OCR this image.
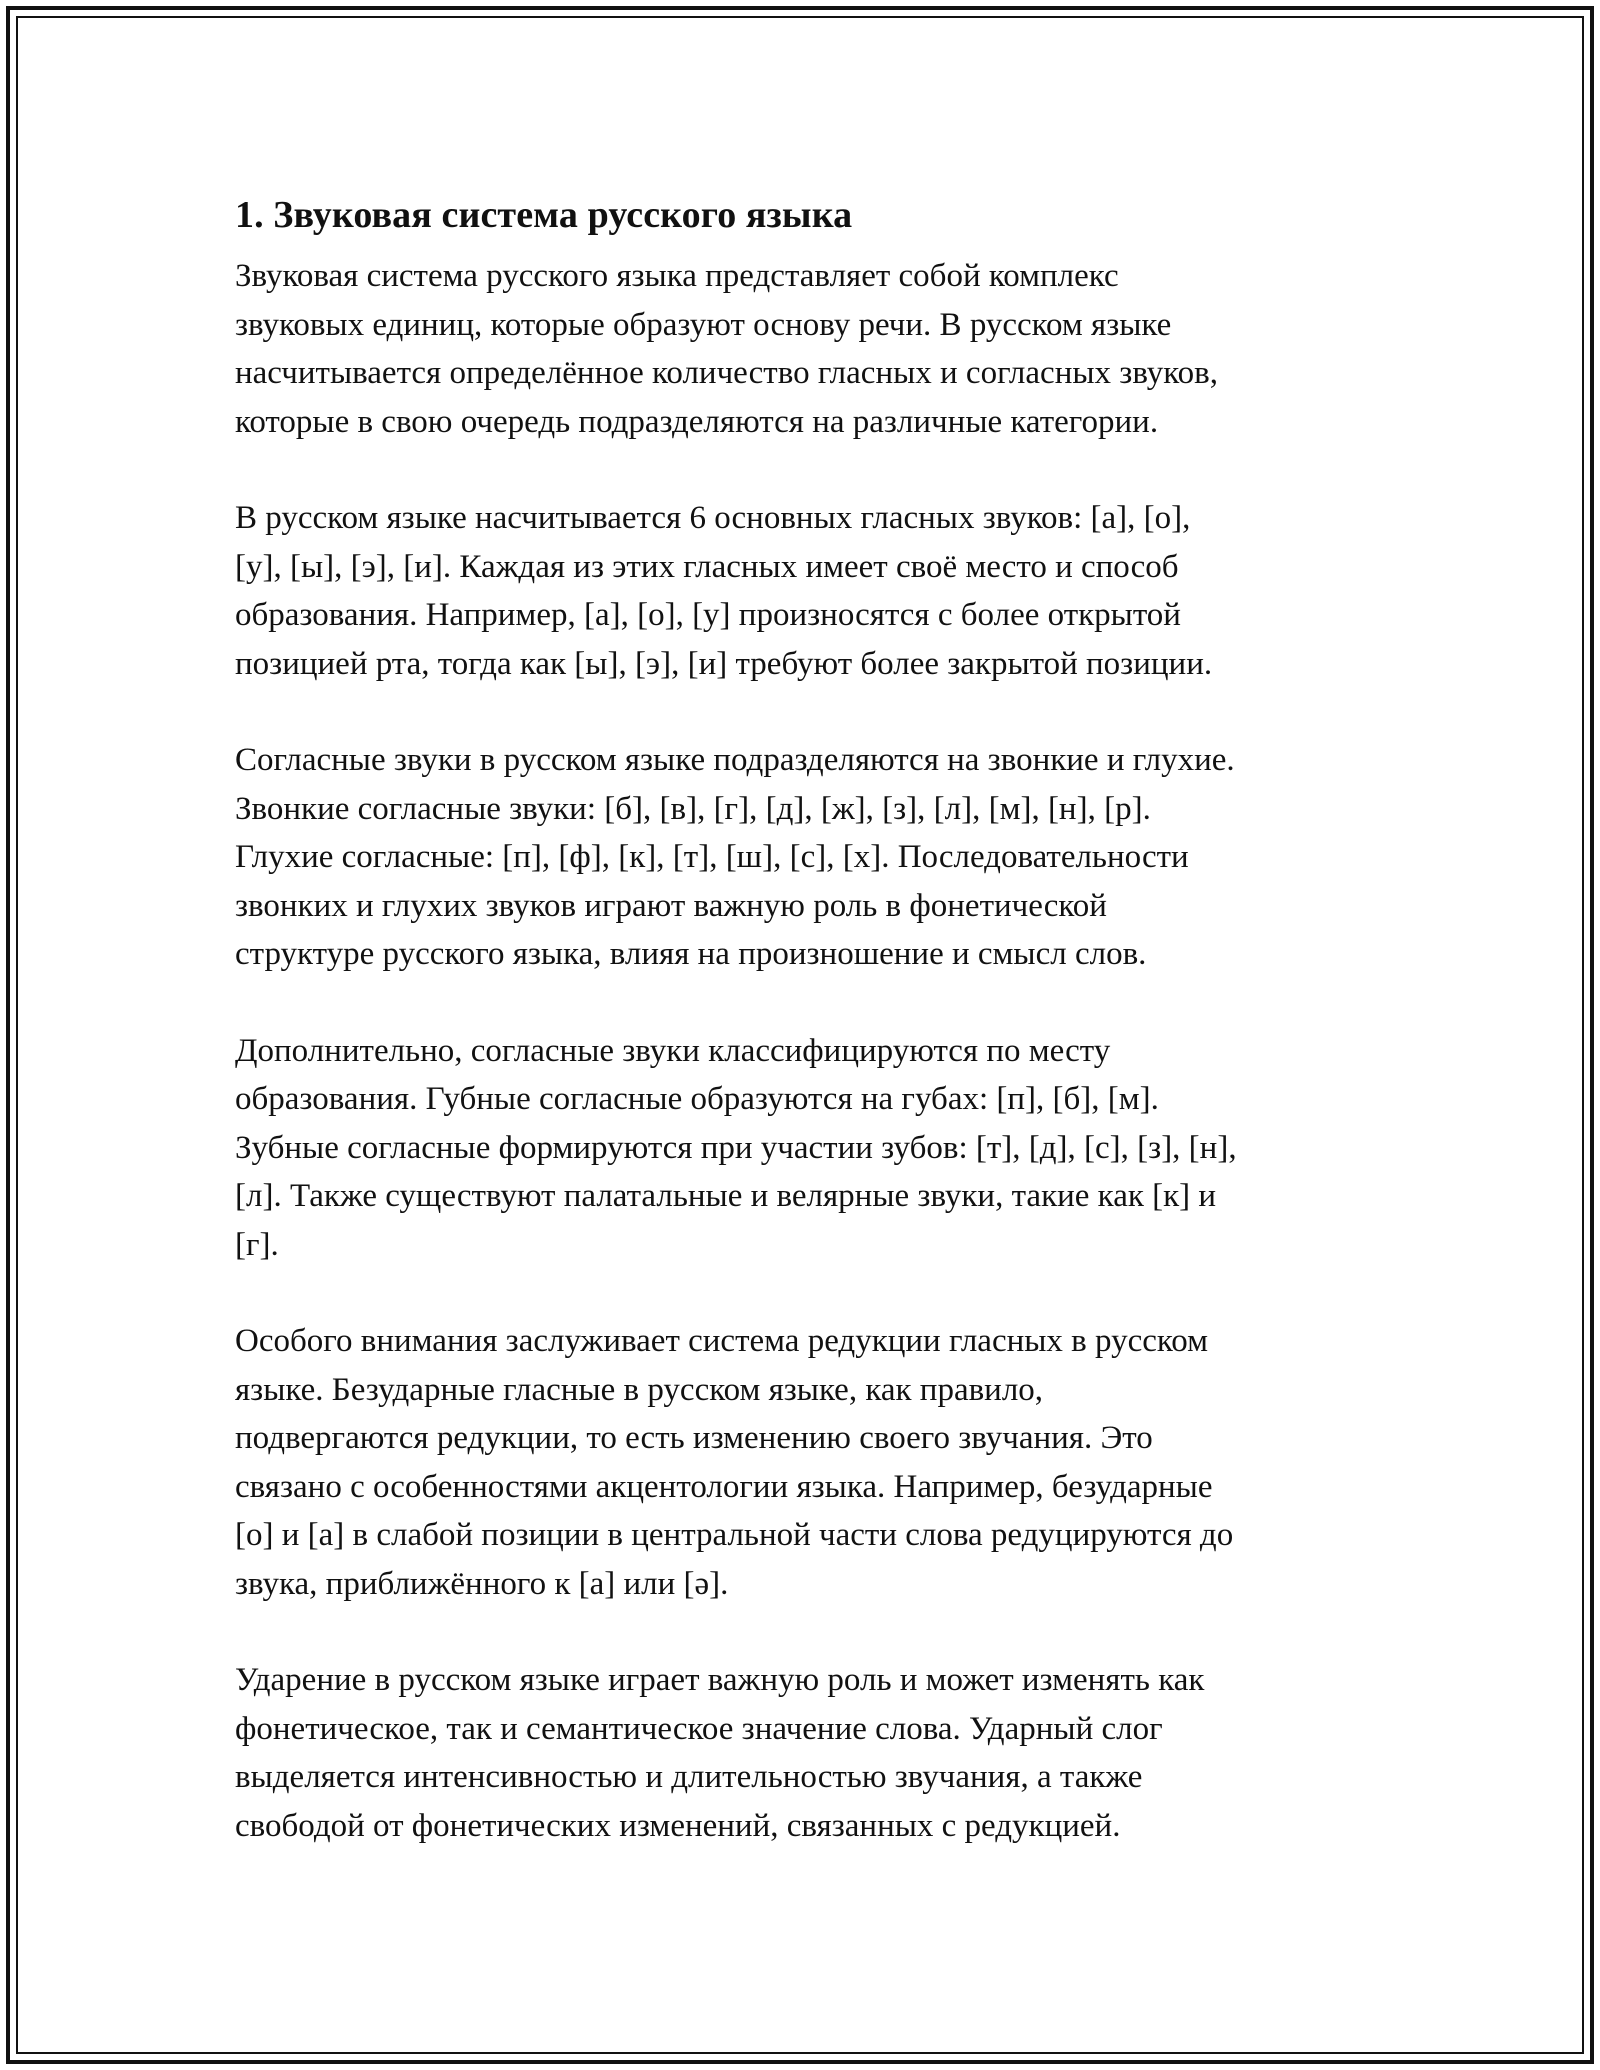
1. Звуковая система русского языка

Звуковая система русского языка представляет собой комплекс
звуковых единиц, которые образуют основу речи. В русском языке
насчитывается определённое количество гласных и согласных звуков,
которые в свою очередь подразделяются на различные категории.

В русском языке насчитывается 6 основных гласных звуков: [а], [о],
[у], [ы], [э], [и]. Каждая из этих гласных имеет своё место и способ
образования. Например, [а], [о], [у] произносятся с более открытой
позицией рта, тогда как [ы], [э], [и] требуют более закрытой позиции.

Согласные звуки в русском языке подразделяются на звонкие и глухие.
Звонкие согласные звуки: [б], [в], [г], [д], [ж], [з], [л], [м], [н], [р].
Глухие согласные: [п], [ф], [к], [т], [ш], [с], [х]. Последовательности
звонких и глухих звуков играют важную роль в фонетической
структуре русского языка, влияя на произношение и смысл слов.

Дополнительно, согласные звуки классифицируются по месту
образования. Губные согласные образуются на губах: [п], [б], [м].
Зубные согласные формируются при участии зубов: [т], [д], [с], [з], [н],
[л]. Также существуют палатальные и велярные звуки, такие как [к] и
[г].

Особого внимания заслуживает система редукции гласных в русском
языке. Безударные гласные в русском языке, как правило,
подвергаются редукции, то есть изменению своего звучания. Это
связано с особенностями акцентологии языка. Например, безударные
[о] и [а] в слабой позиции в центральной части слова редуцируются до
звука, приближённого к [а] или [ə].

Ударение в русском языке играет важную роль и может изменять как
фонетическое, так и семантическое значение слова. Ударный слог
выделяется интенсивностью и длительностью звучания, а также
свободой от фонетических изменений, связанных с редукцией.
